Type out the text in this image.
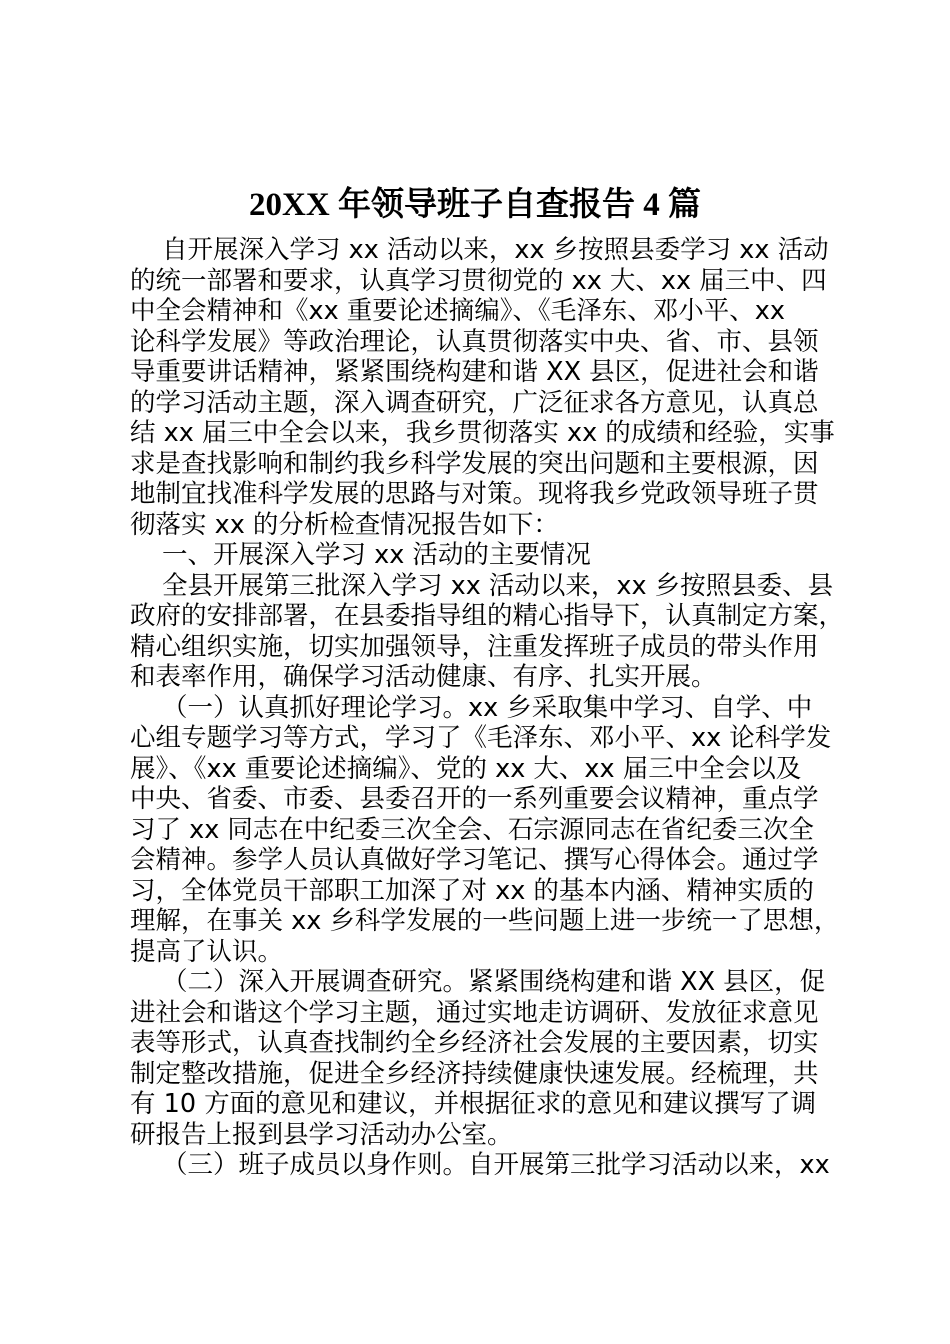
20XX 年领导班子自查报告 4 篇
自开展深入学习 xx 活动以来，xx 乡按照县委学习 xx 活动
的统一部署和要求，认真学习贯彻党的 xx 大、xx 届三中、四
中全会精神和《xx 重要论述摘编》、《毛泽东、邓小平、xx
论科学发展》等政治理论，认真贯彻落实中央、省、市、县领
导重要讲话精神，紧紧围绕构建和谐 XX 县区，促进社会和谐
的学习活动主题，深入调查研究，广泛征求各方意见，认真总
结 xx 届三中全会以来，我乡贯彻落实 xx 的成绩和经验，实事
求是查找影响和制约我乡科学发展的突出问题和主要根源，因
地制宜找准科学发展的思路与对策。现将我乡党政领导班子贯
彻落实 xx 的分析检查情况报告如下：
一、开展深入学习 xx 活动的主要情况
全县开展第三批深入学习 xx 活动以来，xx 乡按照县委、县
政府的安排部署，在县委指导组的精心指导下，认真制定方案，
精心组织实施，切实加强领导，注重发挥班子成员的带头作用
和表率作用，确保学习活动健康、有序、扎实开展。
（一）认真抓好理论学习。xx 乡采取集中学习、自学、中
心组专题学习等方式，学习了《毛泽东、邓小平、xx 论科学发
展》、《xx 重要论述摘编》、党的 xx 大、xx 届三中全会以及
中央、省委、市委、县委召开的一系列重要会议精神，重点学
习了 xx 同志在中纪委三次全会、石宗源同志在省纪委三次全
会精神。参学人员认真做好学习笔记、撰写心得体会。通过学
习，全体党员干部职工加深了对 xx 的基本内涵、精神实质的
理解，在事关 xx 乡科学发展的一些问题上进一步统一了思想，
提高了认识。
（二）深入开展调查研究。紧紧围绕构建和谐 XX 县区，促
进社会和谐这个学习主题，通过实地走访调研、发放征求意见
表等形式，认真查找制约全乡经济社会发展的主要因素，切实
制定整改措施，促进全乡经济持续健康快速发展。经梳理，共
有 10 方面的意见和建议，并根据征求的意见和建议撰写了调
研报告上报到县学习活动办公室。
（三）班子成员以身作则。自开展第三批学习活动以来，xx
